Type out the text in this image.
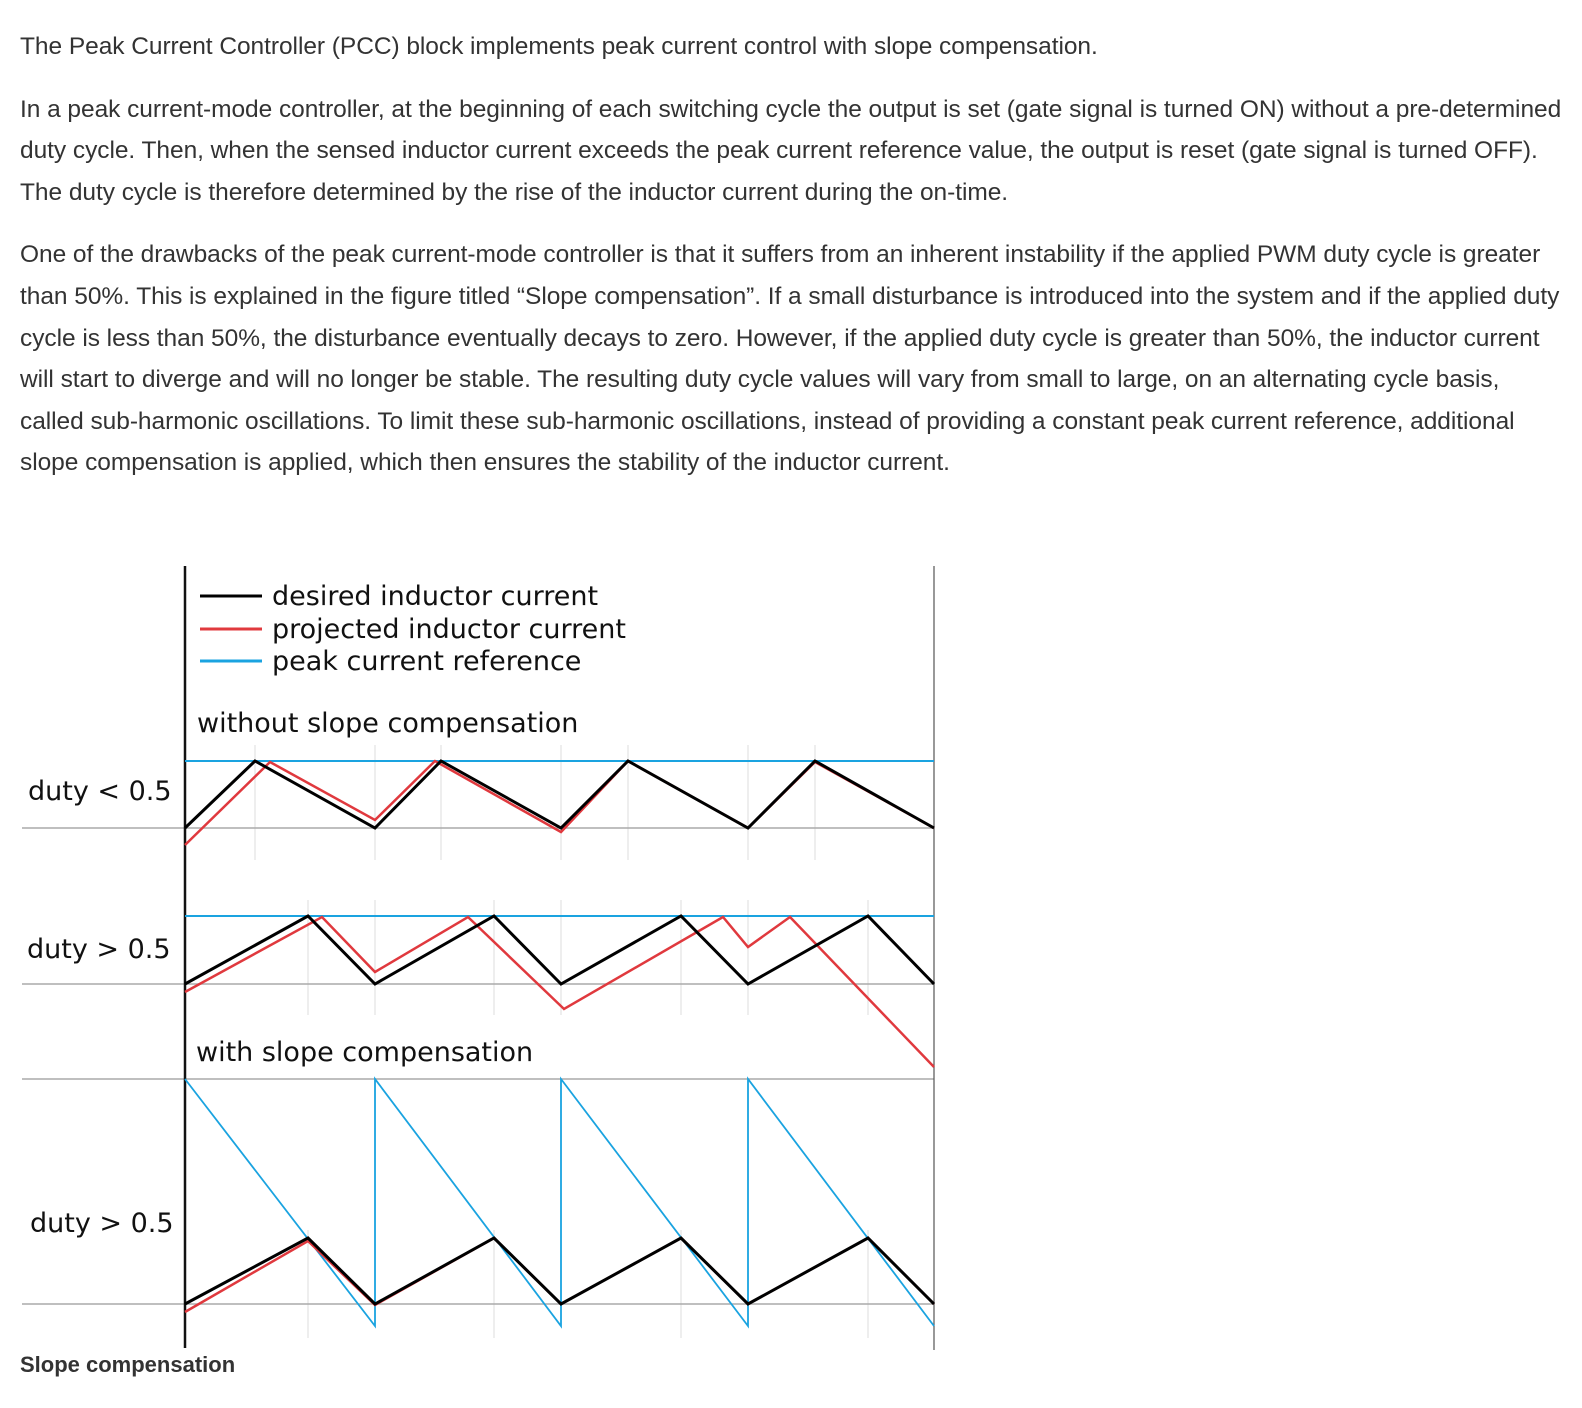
The Peak Current Controller (PCC) block implements peak current control with slope compensation.

In a peak current-mode controller, at the beginning of each switching cycle the output is set (gate signal is turned ON) without a pre-determined duty cycle. Then, when the sensed inductor current exceeds the peak current reference value, the output is reset (gate signal is turned OFF). The duty cycle is therefore determined by the rise of the inductor current during the on-time.

One of the drawbacks of the peak current-mode controller is that it suffers from an inherent instability if the applied PWM duty cycle is greater than 50%. This is explained in the figure titled “Slope compensation”. If a small disturbance is introduced into the system and if the applied duty cycle is less than 50%, the disturbance eventually decays to zero. However, if the applied duty cycle is greater than 50%, the inductor current will start to diverge and will no longer be stable. The resulting duty cycle values will vary from small to large, on an alternating cycle basis, called sub-harmonic oscillations. To limit these sub-harmonic oscillations, instead of providing a constant peak current reference, additional slope compensation is applied, which then ensures the stability of the inductor current.

desired inductor current
projected inductor current
peak current reference
without slope compensation
with slope compensation
duty < 0.5
duty > 0.5
duty > 0.5

Slope compensation
